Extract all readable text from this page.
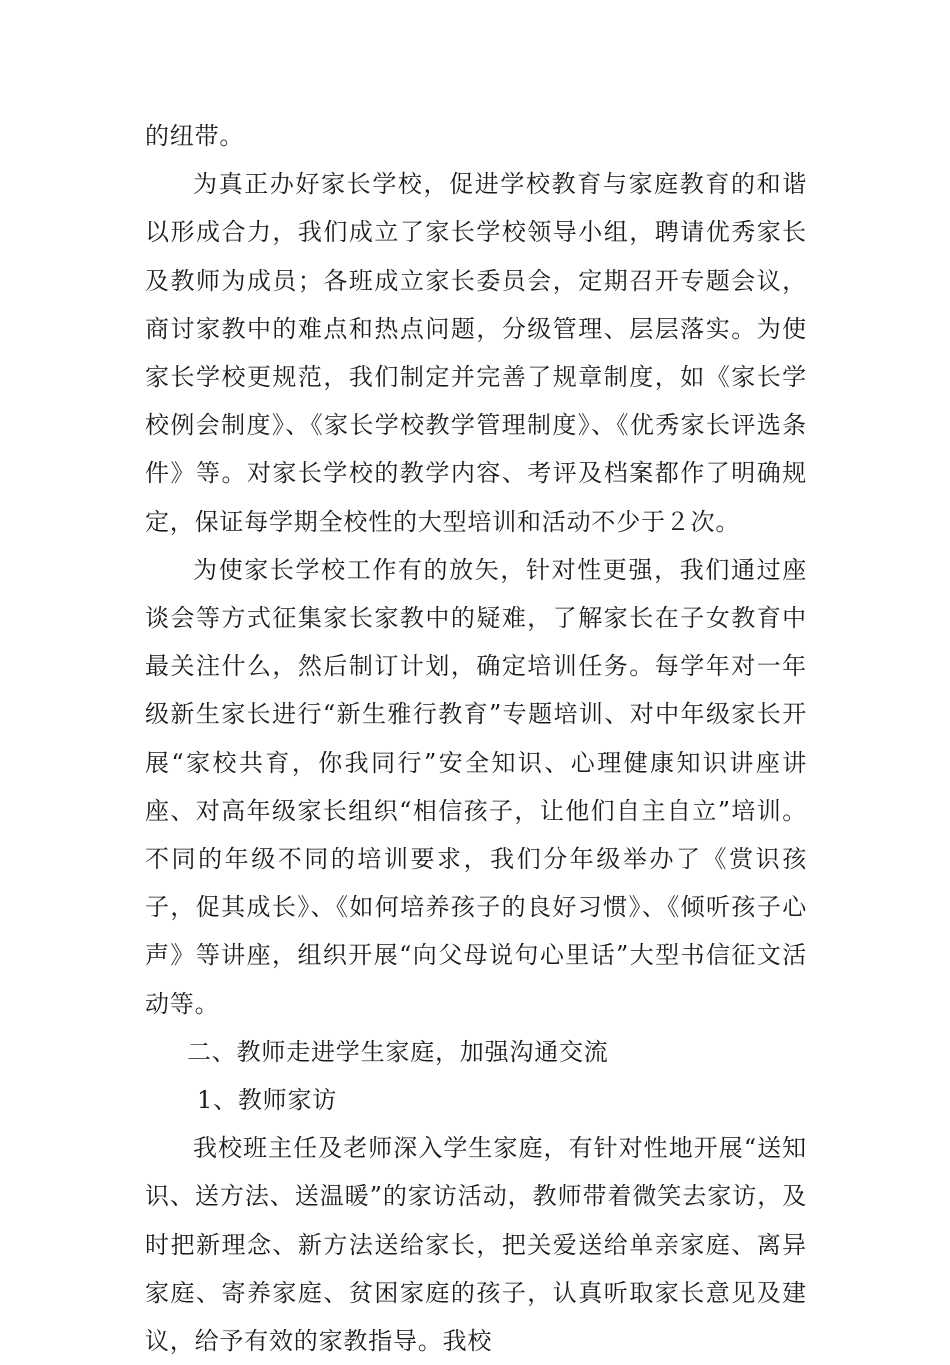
的纽带。

为真正办好家长学校，促进学校教育与家庭教育的和谐以形成合力，我们成立了家长学校领导小组，聘请优秀家长及教师为成员；各班成立家长委员会，定期召开专题会议，商讨家教中的难点和热点问题，分级管理、层层落实。为使家长学校更规范，我们制定并完善了规章制度，如《家长学校例会制度》、《家长学校教学管理制度》、《优秀家长评选条件》等。对家长学校的教学内容、考评及档案都作了明确规定，保证每学期全校性的大型培训和活动不少于２次。

为使家长学校工作有的放矢，针对性更强，我们通过座谈会等方式征集家长家教中的疑难，了解家长在子女教育中最关注什么，然后制订计划，确定培训任务。每学年对一年级新生家长进行“新生雅行教育”专题培训、对中年级家长开展“家校共育，你我同行”安全知识、心理健康知识讲座讲座、对高年级家长组织“相信孩子，让他们自主自立”培训。不同的年级不同的培训要求，我们分年级举办了《赏识孩子，促其成长》、《如何培养孩子的良好习惯》、《倾听孩子心声》等讲座，组织开展“向父母说句心里话”大型书信征文活动等。

二、教师走进学生家庭，加强沟通交流

1、教师家访

我校班主任及老师深入学生家庭，有针对性地开展“送知识、送方法、送温暖”的家访活动，教师带着微笑去家访，及时把新理念、新方法送给家长，把关爱送给单亲家庭、离异家庭、寄养家庭、贫困家庭的孩子，认真听取家长意见及建议，给予有效的家教指导。我校
